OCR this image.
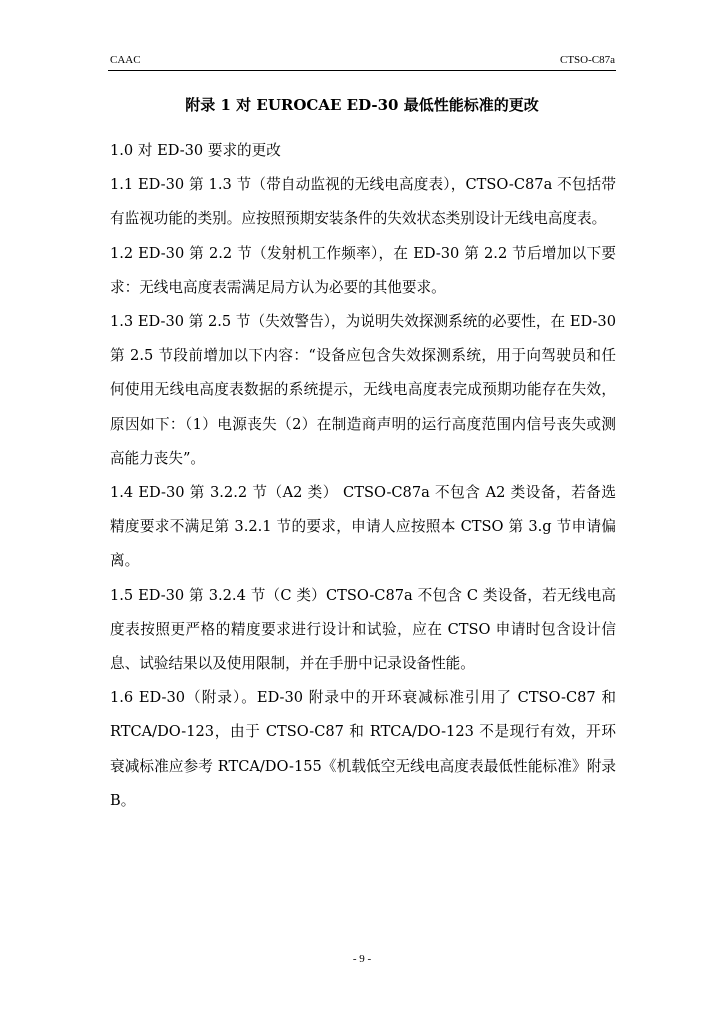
CAAC	CTSO-C87a
附录 1 对 EUROCAE ED-30 最低性能标准的更改

1.0 对 ED-30 要求的更改

1.1 ED-30 第 1.3 节（带自动监视的无线电高度表），CTSO-C87a 不包括带有监视功能的类别。应按照预期安装条件的失效状态类别设计无线电高度表。

1.2 ED-30 第 2.2 节（发射机工作频率），在 ED-30 第 2.2 节后增加以下要求：无线电高度表需满足局方认为必要的其他要求。

1.3 ED-30 第 2.5 节（失效警告），为说明失效探测系统的必要性，在 ED-30 第 2.5 节段前增加以下内容：“设备应包含失效探测系统，用于向驾驶员和任何使用无线电高度表数据的系统提示，无线电高度表完成预期功能存在失效，原因如下：（1）电源丧失（2）在制造商声明的运行高度范围内信号丧失或测高能力丧失”。

1.4 ED-30 第 3.2.2 节（A2 类） CTSO-C87a 不包含 A2 类设备，若备选精度要求不满足第 3.2.1 节的要求，申请人应按照本 CTSO 第 3.g 节申请偏离。

1.5 ED-30 第 3.2.4 节（C 类）CTSO-C87a 不包含 C 类设备，若无线电高度表按照更严格的精度要求进行设计和试验，应在 CTSO 申请时包含设计信息、试验结果以及使用限制，并在手册中记录设备性能。

1.6 ED-30（附录）。ED-30 附录中的开环衰减标准引用了 CTSO-C87 和 RTCA/DO-123，由于 CTSO-C87 和 RTCA/DO-123 不是现行有效，开环衰减标准应参考 RTCA/DO-155《机载低空无线电高度表最低性能标准》附录 B。

- 9 -
